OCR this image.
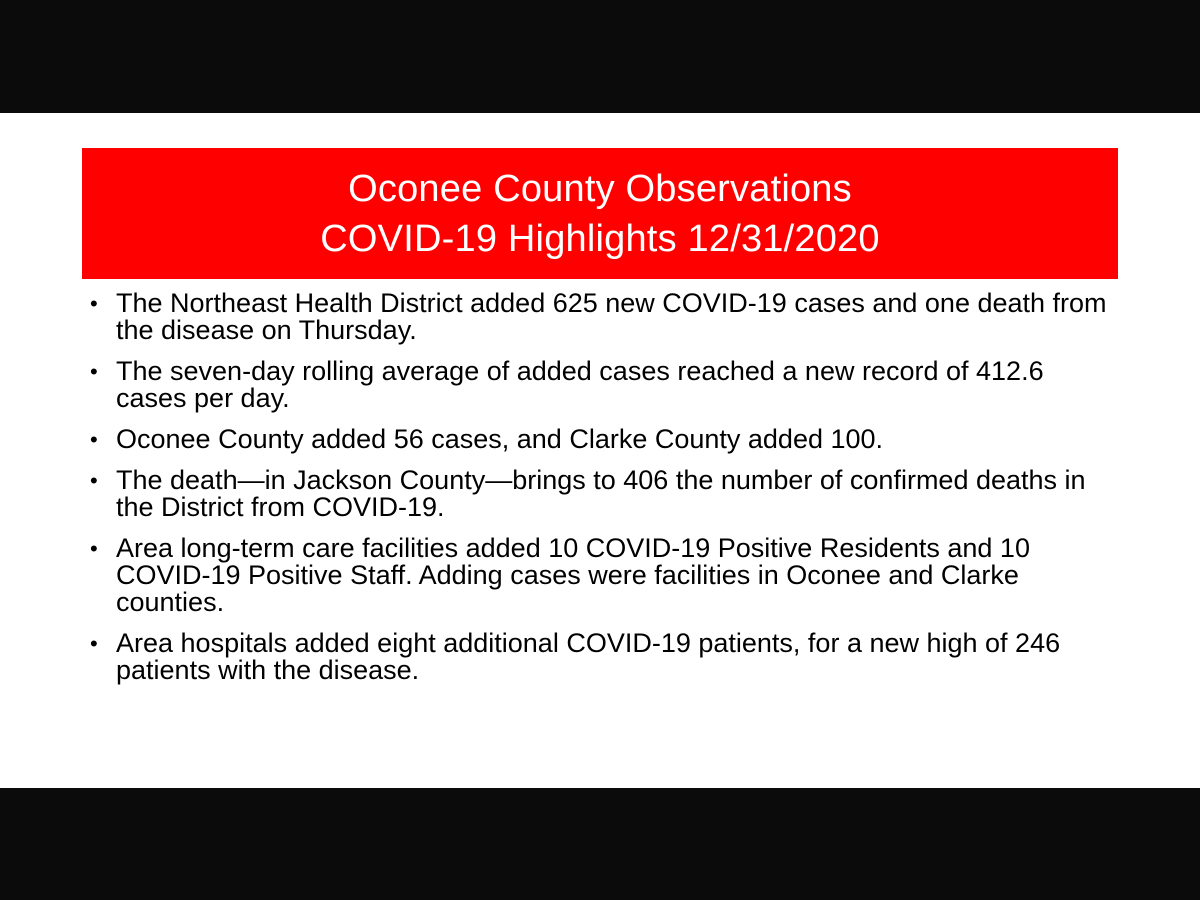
Oconee County Observations
COVID-19 Highlights 12/31/2020
• The Northeast Health District added 625 new COVID-19 cases and one death from the disease on Thursday.
• The seven-day rolling average of added cases reached a new record of 412.6 cases per day.
• Oconee County added 56 cases, and Clarke County added 100.
• The death—in Jackson County—brings to 406 the number of confirmed deaths in the District from COVID-19.
• Area long-term care facilities added 10 COVID-19 Positive Residents and 10 COVID-19 Positive Staff. Adding cases were facilities in Oconee and Clarke counties.
• Area hospitals added eight additional COVID-19 patients, for a new high of 246 patients with the disease.
